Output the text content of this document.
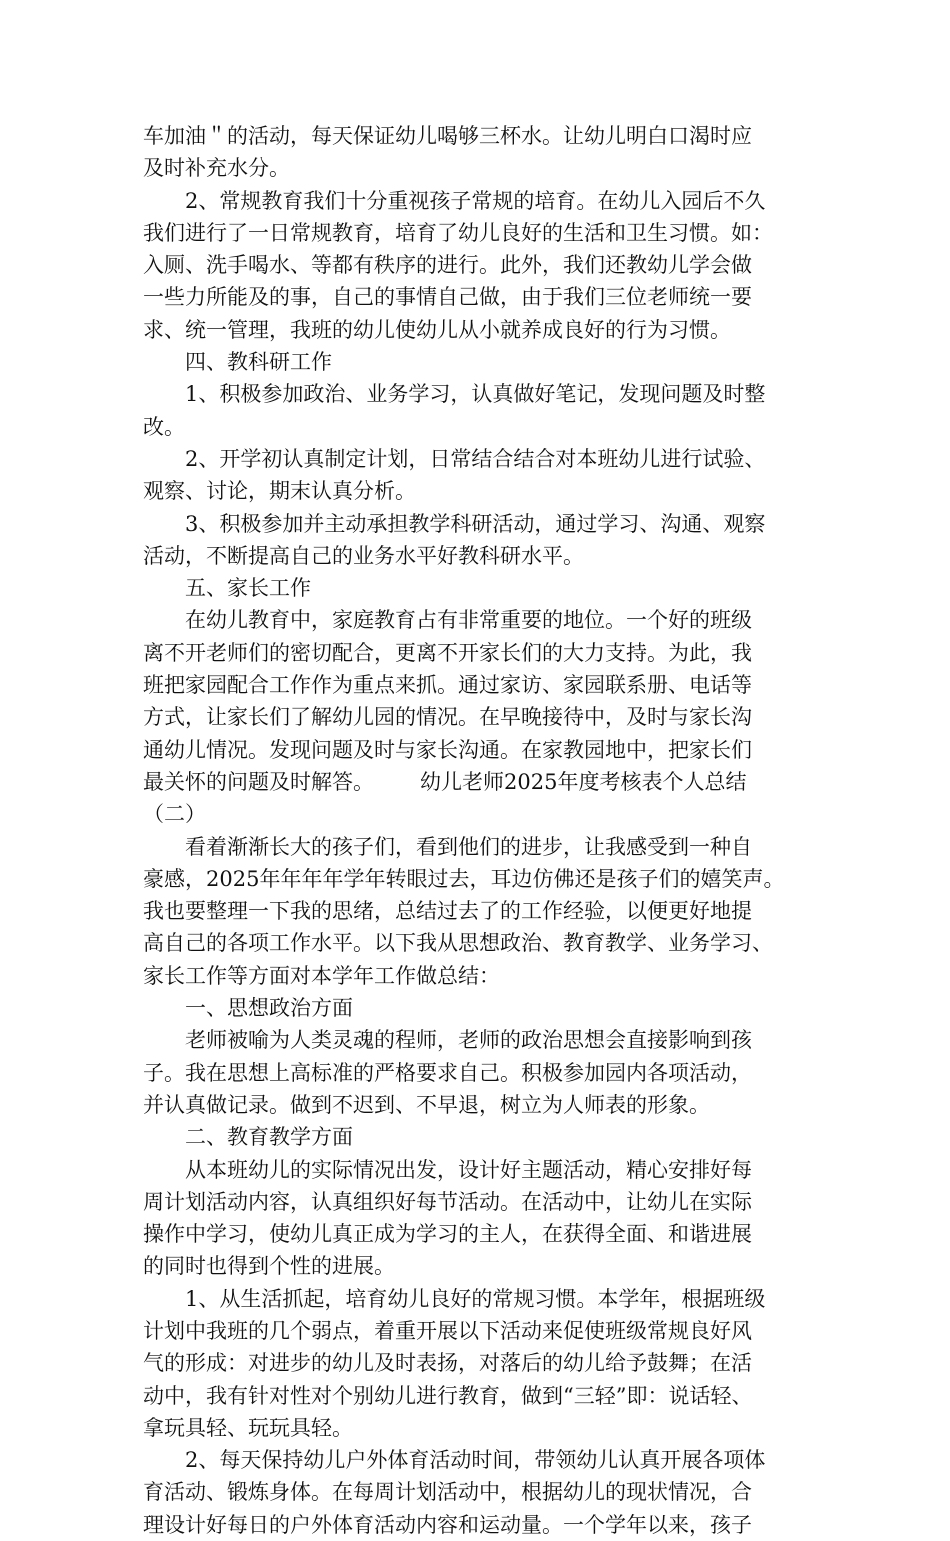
车加油＂的活动，每天保证幼儿喝够三杯水。让幼儿明白口渴时应
及时补充水分。
2、常规教育我们十分重视孩子常规的培育。在幼儿入园后不久
我们进行了一日常规教育，培育了幼儿良好的生活和卫生习惯。如：
入厕、洗手喝水、等都有秩序的进行。此外，我们还教幼儿学会做
一些力所能及的事，自己的事情自己做，由于我们三位老师统一要
求、统一管理，我班的幼儿使幼儿从小就养成良好的行为习惯。
四、教科研工作
1、积极参加政治、业务学习，认真做好笔记，发现问题及时整
改。
2、开学初认真制定计划，日常结合结合对本班幼儿进行试验、
观察、讨论，期末认真分析。
3、积极参加并主动承担教学科研活动，通过学习、沟通、观察
活动，不断提高自己的业务水平好教科研水平。
五、家长工作
在幼儿教育中，家庭教育占有非常重要的地位。一个好的班级
离不开老师们的密切配合，更离不开家长们的大力支持。为此，我
班把家园配合工作作为重点来抓。通过家访、家园联系册、电话等
方式，让家长们了解幼儿园的情况。在早晚接待中，及时与家长沟
通幼儿情况。发现问题及时与家长沟通。在家教园地中，把家长们
最关怀的问题及时解答。 幼儿老师2025年度考核表个人总结
（二）
看着渐渐长大的孩子们，看到他们的进步，让我感受到一种自
豪感，2025年年年年学年转眼过去，耳边仿佛还是孩子们的嬉笑声。
我也要整理一下我的思绪，总结过去了的工作经验，以便更好地提
高自己的各项工作水平。以下我从思想政治、教育教学、业务学习、
家长工作等方面对本学年工作做总结：
一、思想政治方面
老师被喻为人类灵魂的程师，老师的政治思想会直接影响到孩
子。我在思想上高标准的严格要求自己。积极参加园内各项活动，
并认真做记录。做到不迟到、不早退，树立为人师表的形象。
二、教育教学方面
从本班幼儿的实际情况出发，设计好主题活动，精心安排好每
周计划活动内容，认真组织好每节活动。在活动中，让幼儿在实际
操作中学习，使幼儿真正成为学习的主人，在获得全面、和谐进展
的同时也得到个性的进展。
1、从生活抓起，培育幼儿良好的常规习惯。本学年，根据班级
计划中我班的几个弱点，着重开展以下活动来促使班级常规良好风
气的形成：对进步的幼儿及时表扬，对落后的幼儿给予鼓舞；在活
动中，我有针对性对个别幼儿进行教育，做到“三轻”即：说话轻、
拿玩具轻、玩玩具轻。
2、每天保持幼儿户外体育活动时间，带领幼儿认真开展各项体
育活动、锻炼身体。在每周计划活动中，根据幼儿的现状情况，合
理设计好每日的户外体育活动内容和运动量。一个学年以来，孩子
